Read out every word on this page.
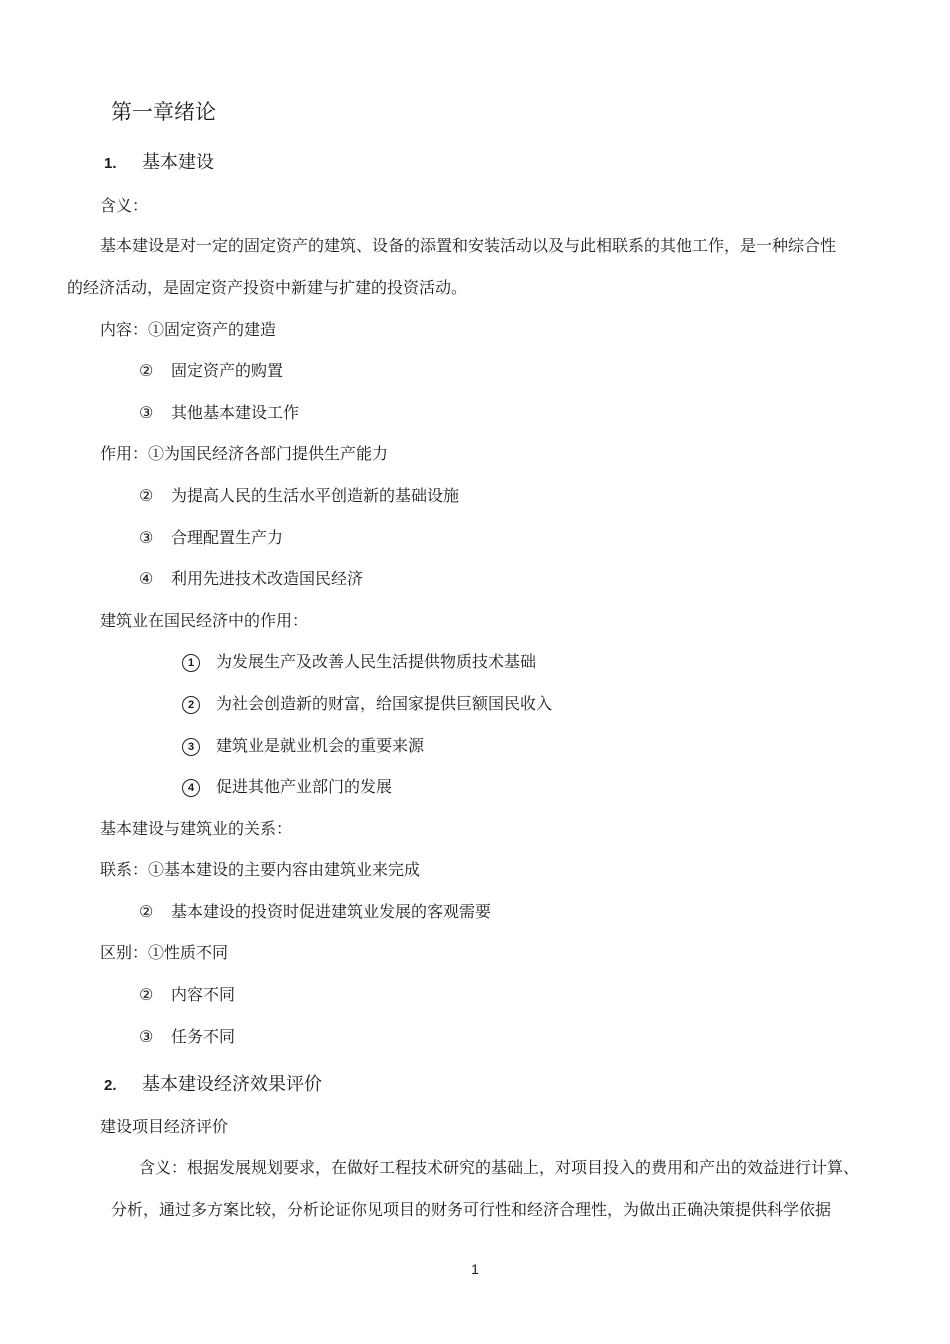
第一章绪论
1. 基本建设
含义：
基本建设是对一定的固定资产的建筑、设备的添置和安装活动以及与此相联系的其他工作，是一种综合性
的经济活动，是固定资产投资中新建与扩建的投资活动。
内容：①固定资产的建造
② 固定资产的购置
③ 其他基本建设工作
作用：①为国民经济各部门提供生产能力
② 为提高人民的生活水平创造新的基础设施
③ 合理配置生产力
④ 利用先进技术改造国民经济
建筑业在国民经济中的作用：
1 为发展生产及改善人民生活提供物质技术基础
2 为社会创造新的财富，给国家提供巨额国民收入
3 建筑业是就业机会的重要来源
4 促进其他产业部门的发展
基本建设与建筑业的关系：
联系：①基本建设的主要内容由建筑业来完成
② 基本建设的投资时促进建筑业发展的客观需要
区别：①性质不同
② 内容不同
③ 任务不同
2. 基本建设经济效果评价
建设项目经济评价
含义：根据发展规划要求，在做好工程技术研究的基础上，对项目投入的费用和产出的效益进行计算、
分析，通过多方案比较，分析论证你见项目的财务可行性和经济合理性，为做出正确决策提供科学依据
1
